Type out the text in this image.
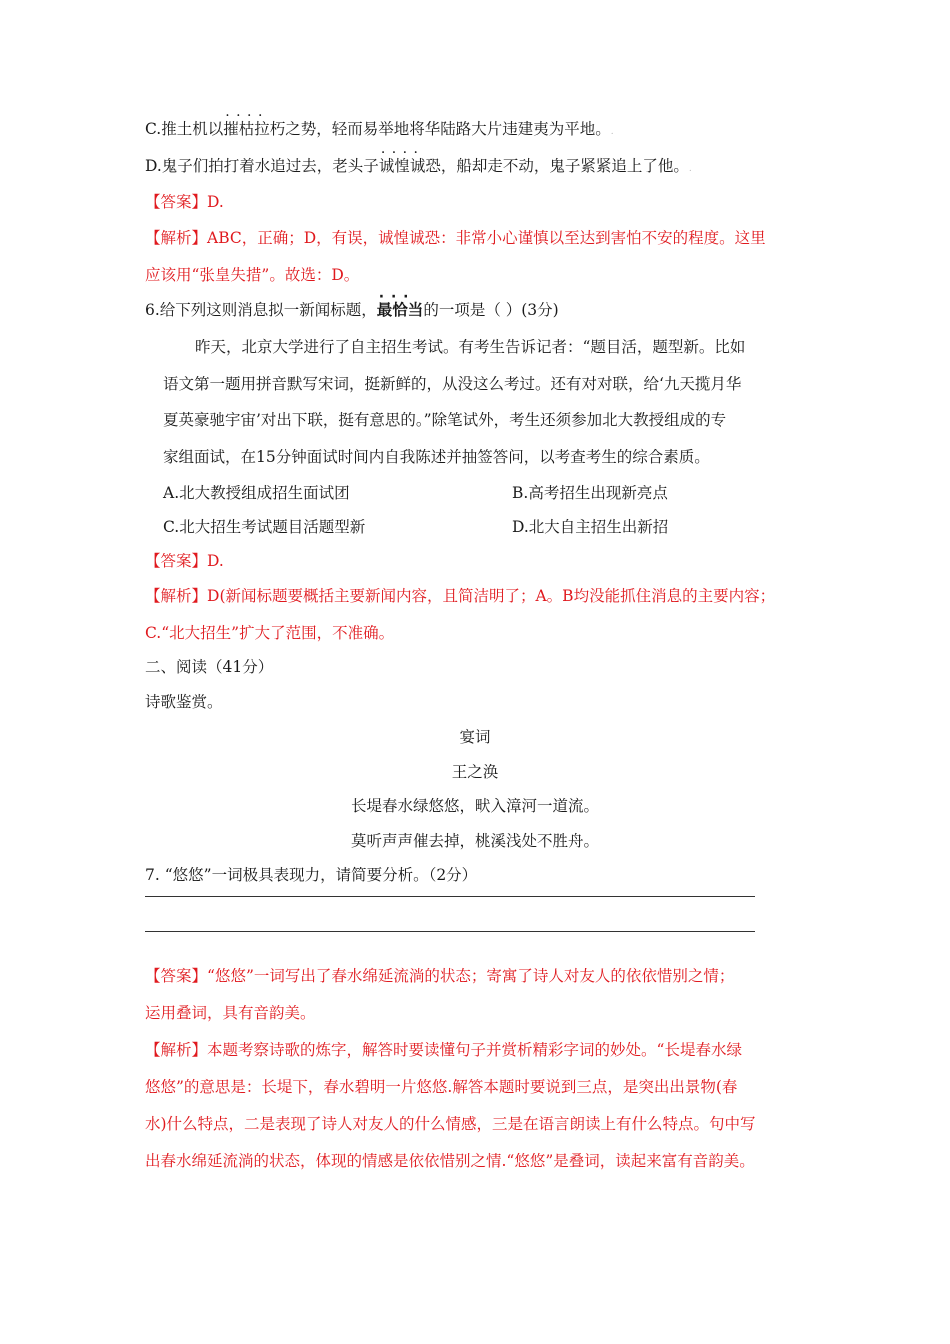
C.推土机以· · 摧枯拉朽之势，轻而易举地将华陆路大片违建夷为平地。.
D.鬼子们拍打着水追过去，老头子· · 诚惶诚恐，船却走不动，鬼子紧紧追上了他。.
【答案】D.
【解析】ABC，正确；D，有误，诚惶诚恐：非常小心谨慎以至达到害怕不安的程度。这里
应该用“张皇失措”。故选：D。
6.给下列这则消息拟一新闻标题，· · · 最恰当的一项是（ ）(3分)
昨天，北京大学进行了自主招生考试。有考生告诉记者：“题目活，题型新。比如
语文第一题用拼音默写宋词，挺新鲜的，从没这么考过。还有对对联，给‘九天揽月华
夏英豪驰宇宙’对出下联，挺有意思的。”除笔试外，考生还须参加北大教授组成的专
家组面试，在15分钟面试时间内自我陈述并抽签答问，以考查考生的综合素质。
A.北大教授组成招生面试团	B.高考招生出现新亮点
C.北大招生考试题目活题型新	D.北大自主招生出新招
【答案】D.
【解析】D(新闻标题要概括主要新闻内容，且简洁明了；A。B均没能抓住消息的主要内容；
C.“北大招生”扩大了范围，不准确。
二、阅读（41分）
诗歌鉴赏。
宴词
王之涣
长堤春水绿悠悠，畎入漳河一道流。
莫听声声催去掉，桃溪浅处不胜舟。
7. “悠悠”一词极具表现力，请简要分析。（2分）
【答案】“悠悠”一词写出了春水绵延流淌的状态；寄寓了诗人对友人的依依惜别之情；
运用叠词，具有音韵美。
【解析】本题考察诗歌的炼字，解答时要读懂句子并赏析精彩字词的妙处。“长堤春水绿
悠悠”的意思是：长堤下，春水碧明一片悠悠.解答本题时要说到三点，是突出出景物(春
水)什么特点，二是表现了诗人对友人的什么情感，三是在语言朗读上有什么特点。句中写
出春水绵延流淌的状态，体现的情感是依依惜别之情.“悠悠”是叠词，读起来富有音韵美。
